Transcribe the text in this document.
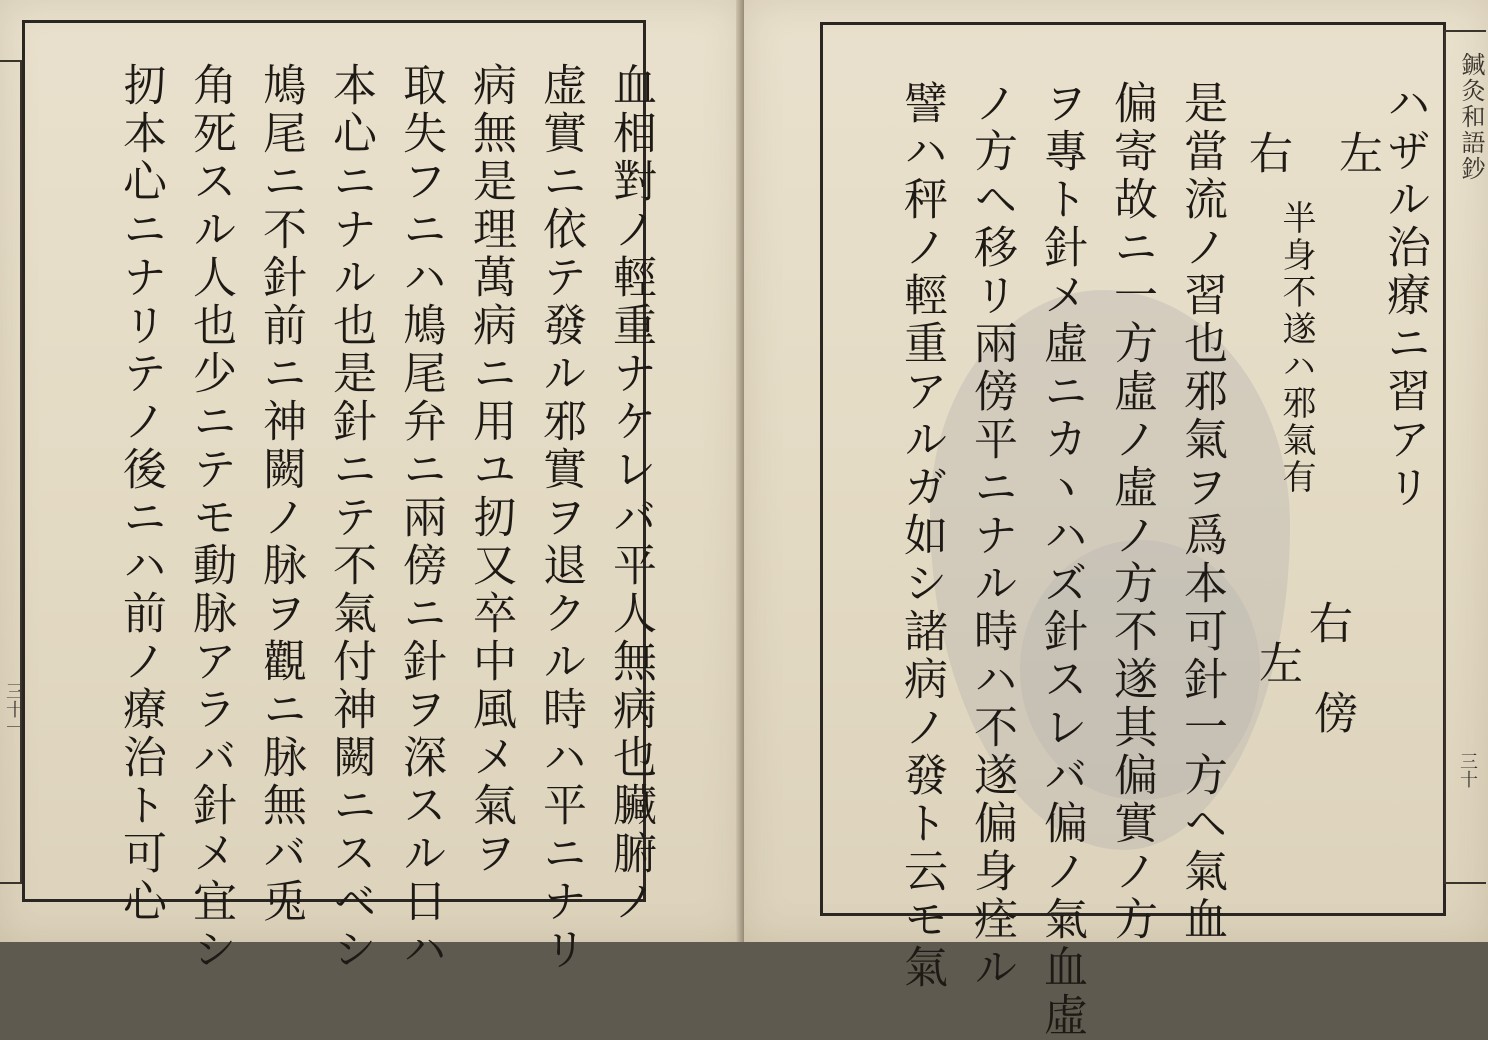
三十一	血相對ノ輕重ナケレバ平人無病也臟腑ノ
虚實ニ依テ發ル邪實ヲ退クル時ハ平ニナリ
病無是理萬病ニ用ユ扨又卒中風メ氣ヲ
取失フニハ鳩尾弁ニ兩傍ニ針ヲ深スル日ハ
本心ニナル也是針ニテ不氣付神闕ニスベシ
鳩尾ニ不針前ニ神闕ノ脉ヲ觀ニ脉無バ兎
角死スル人也少ニテモ動脉アラバ針メ宜シ
扨本心ニナリテノ後ニハ前ノ療治ト可心	鍼灸和語鈔
三十
ハザル治療ニ習アリ
左
右
半身不遂ハ邪氣有
右
左
傍
是當流ノ習也邪氣ヲ爲本可針一方ヘ氣血
偏寄故ニ一方虛ノ虛ノ方不遂其偏實ノ方
ヲ專ト針メ虛ニカヽハズ針スレバ偏ノ氣血虛
ノ方ヘ移リ兩傍平ニナル時ハ不遂偏身痊ル
譬ハ秤ノ輕重アルガ如シ諸病ノ發ト云モ氣
